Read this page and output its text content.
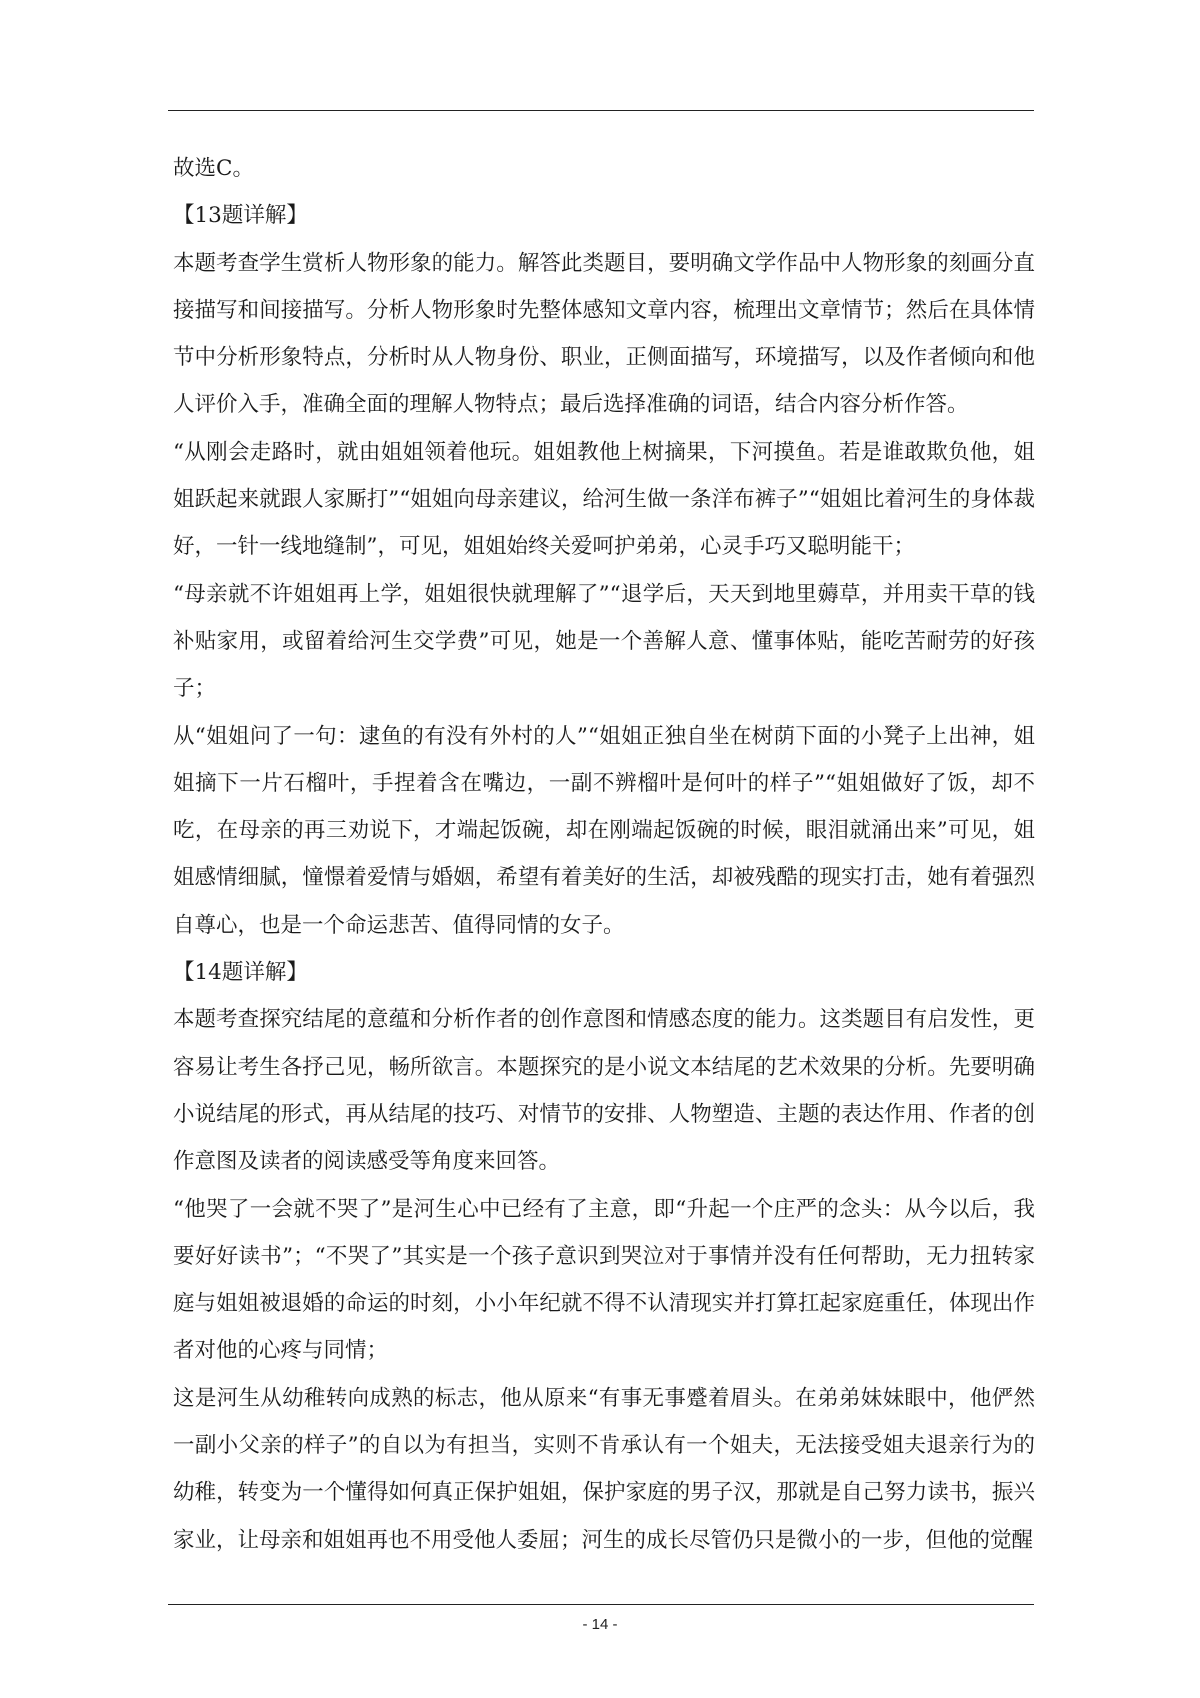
故选C。

【13题详解】

本题考查学生赏析人物形象的能力。解答此类题目，要明确文学作品中人物形象的刻画分直接描写和间接描写。分析人物形象时先整体感知文章内容，梳理出文章情节；然后在具体情节中分析形象特点，分析时从人物身份、职业，正侧面描写，环境描写，以及作者倾向和他人评价入手，准确全面的理解人物特点；最后选择准确的词语，结合内容分析作答。

“从刚会走路时，就由姐姐领着他玩。姐姐教他上树摘果，下河摸鱼。若是谁敢欺负他，姐姐跃起来就跟人家厮打”“姐姐向母亲建议，给河生做一条洋布裤子”“姐姐比着河生的身体裁好，一针一线地缝制”，可见，姐姐始终关爱呵护弟弟，心灵手巧又聪明能干；

“母亲就不许姐姐再上学，姐姐很快就理解了”“退学后，天天到地里薅草，并用卖干草的钱补贴家用，或留着给河生交学费”可见，她是一个善解人意、懂事体贴，能吃苦耐劳的好孩子；

从“姐姐问了一句：逮鱼的有没有外村的人”“姐姐正独自坐在树荫下面的小凳子上出神，姐姐摘下一片石榴叶，手捏着含在嘴边，一副不辨榴叶是何叶的样子”“姐姐做好了饭，却不吃，在母亲的再三劝说下，才端起饭碗，却在刚端起饭碗的时候，眼泪就涌出来”可见，姐姐感情细腻，憧憬着爱情与婚姻，希望有着美好的生活，却被残酷的现实打击，她有着强烈自尊心，也是一个命运悲苦、值得同情的女子。

【14题详解】

本题考查探究结尾的意蕴和分析作者的创作意图和情感态度的能力。这类题目有启发性，更容易让考生各抒己见，畅所欲言。本题探究的是小说文本结尾的艺术效果的分析。先要明确小说结尾的形式，再从结尾的技巧、对情节的安排、人物塑造、主题的表达作用、作者的创作意图及读者的阅读感受等角度来回答。

“他哭了一会就不哭了”是河生心中已经有了主意，即“升起一个庄严的念头：从今以后，我要好好读书”；“不哭了”其实是一个孩子意识到哭泣对于事情并没有任何帮助，无力扭转家庭与姐姐被退婚的命运的时刻，小小年纪就不得不认清现实并打算扛起家庭重任，体现出作者对他的心疼与同情；

这是河生从幼稚转向成熟的标志，他从原来“有事无事蹙着眉头。在弟弟妹妹眼中，他俨然一副小父亲的样子”的自以为有担当，实则不肯承认有一个姐夫，无法接受姐夫退亲行为的幼稚，转变为一个懂得如何真正保护姐姐，保护家庭的男子汉，那就是自己努力读书，振兴家业，让母亲和姐姐再也不用受他人委屈；河生的成长尽管仍只是微小的一步，但他的觉醒

- 14 -
